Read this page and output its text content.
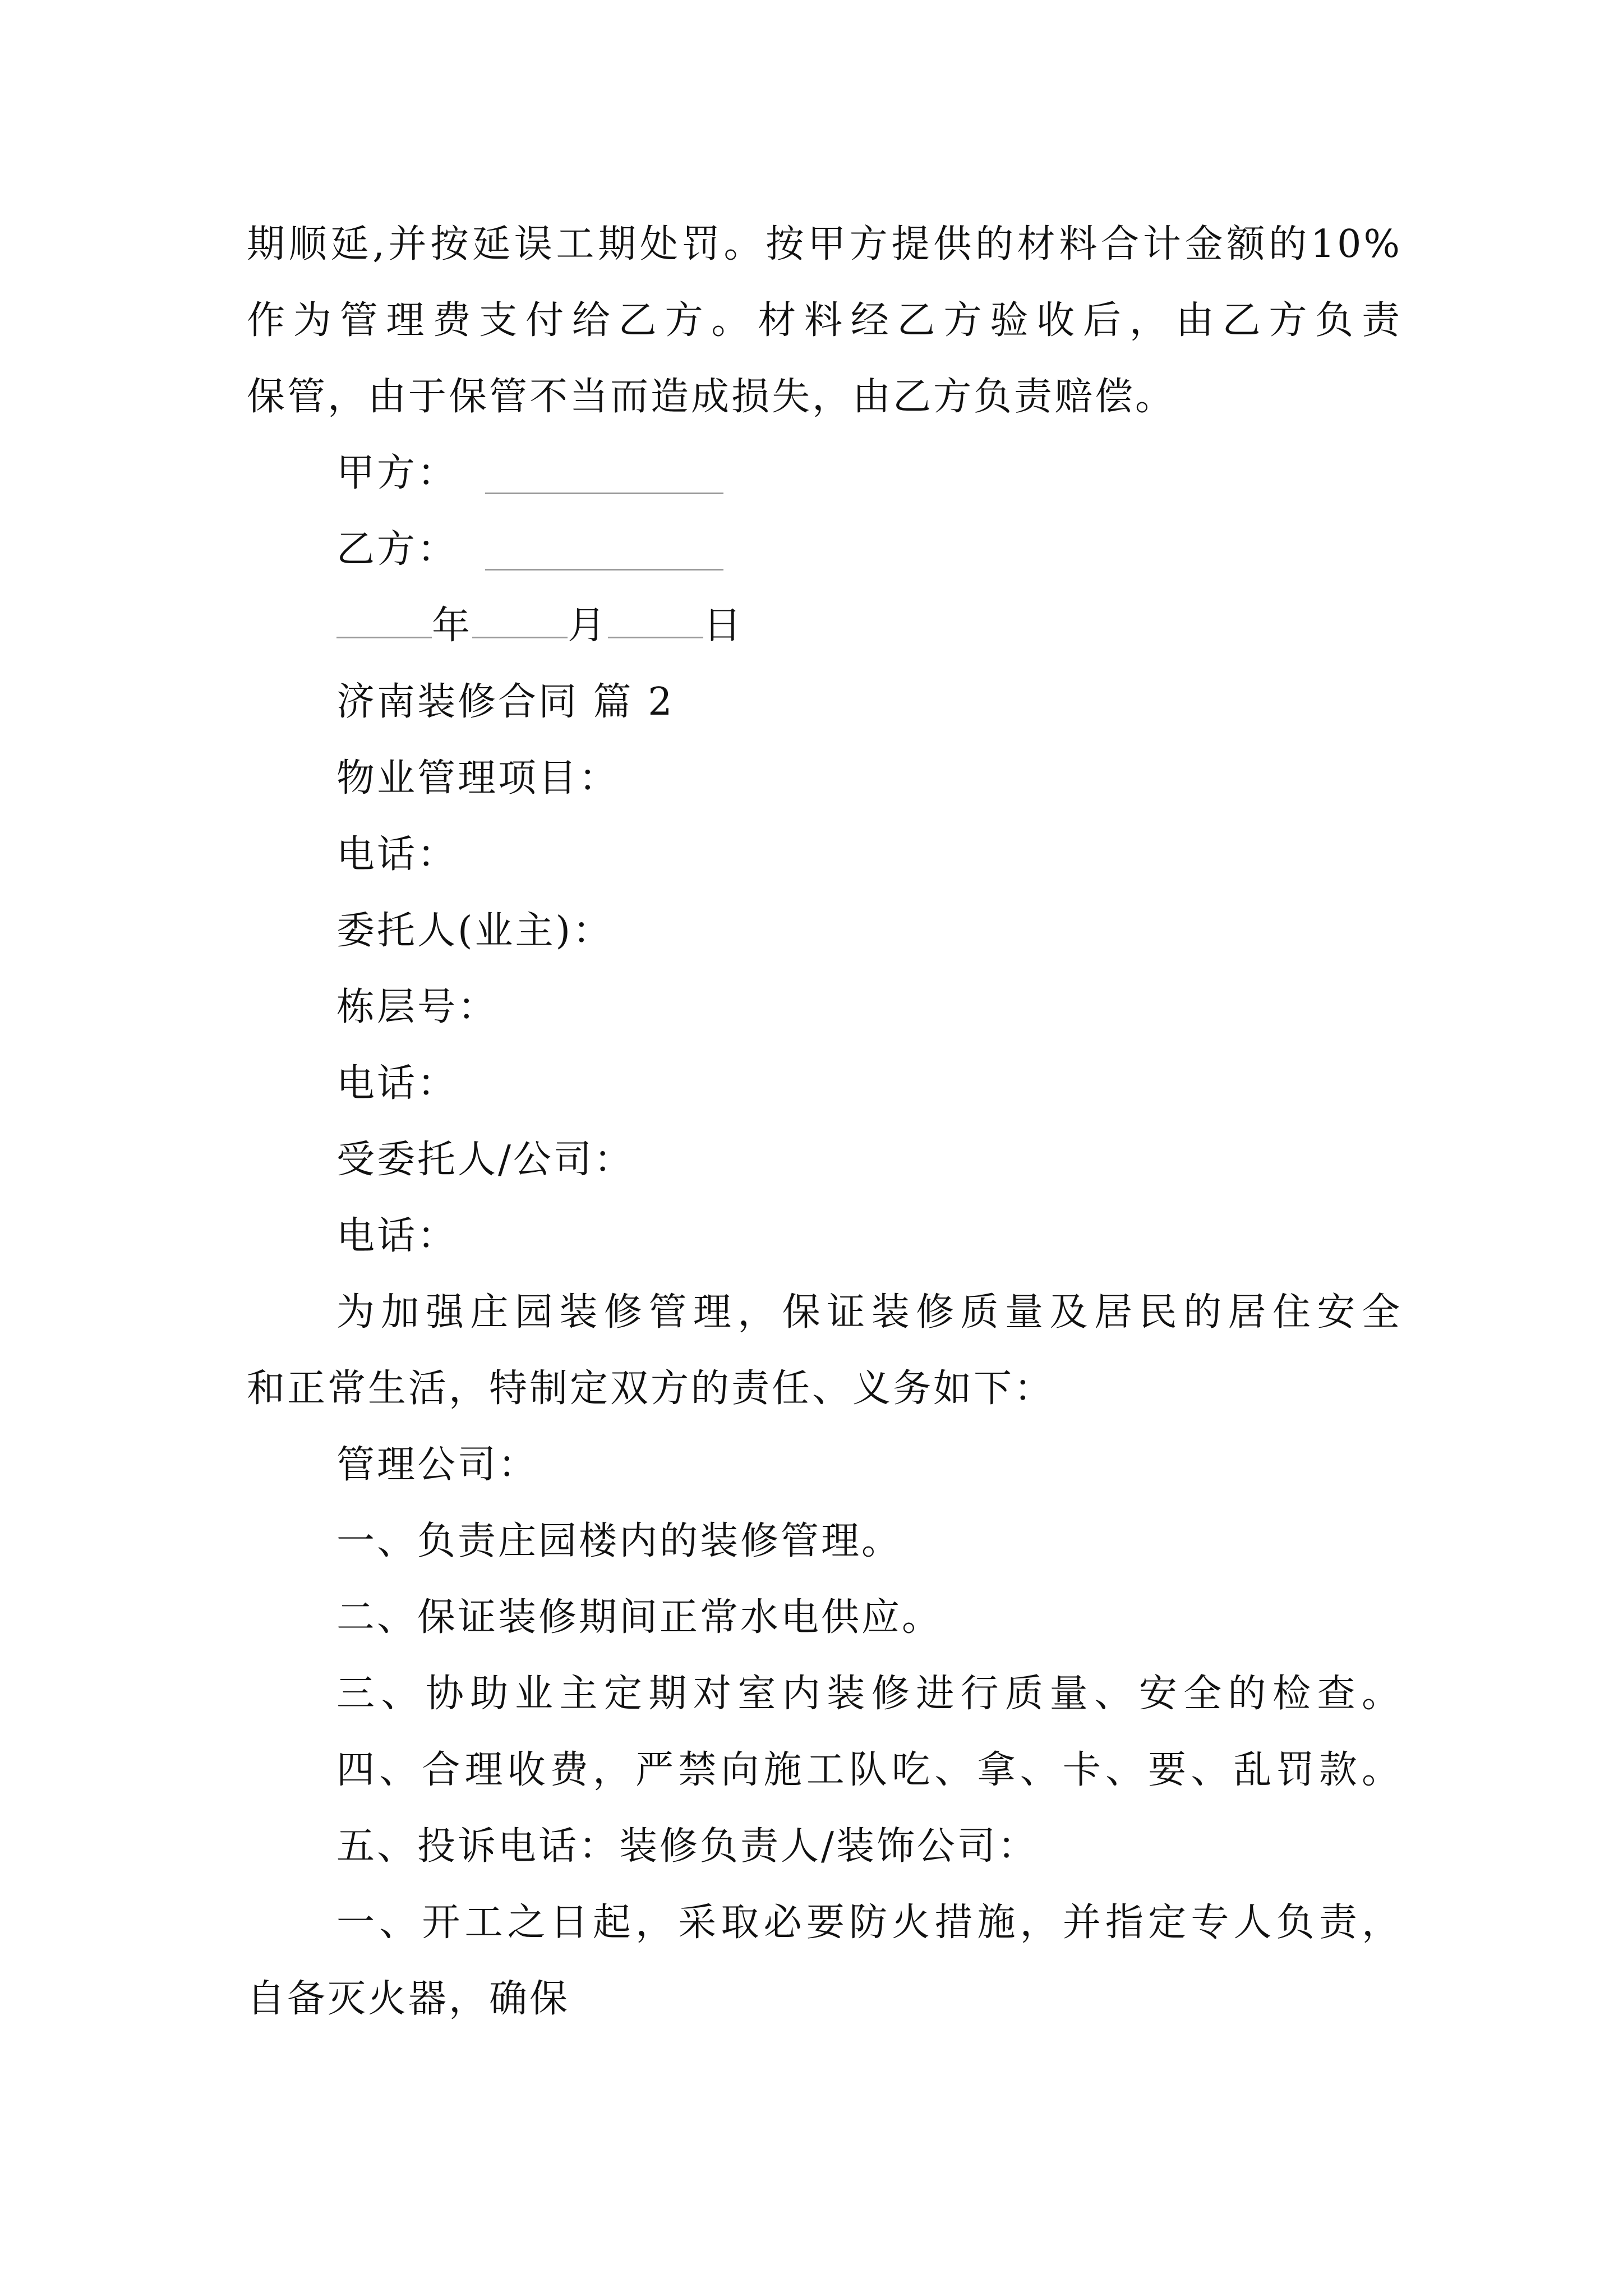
期顺延,并按延误工期处罚。按甲方提供的材料合计金额的10%
作为管理费支付给乙方。材料经乙方验收后，由乙方负责
保管，由于保管不当而造成损失，由乙方负责赔偿。
甲方：
乙方：
年	月	日
济南装修合同 篇 2
物业管理项目：
电话：
委托人(业主)：
栋层号：
电话：
受委托人/公司：
电话：
为加强庄园装修管理，保证装修质量及居民的居住安全
和正常生活，特制定双方的责任、义务如下：
管理公司：
一、负责庄园楼内的装修管理。
二、保证装修期间正常水电供应。
三、协助业主定期对室内装修进行质量、安全的检查。
四、合理收费，严禁向施工队吃、拿、卡、要、乱罚款。
五、投诉电话：装修负责人/装饰公司：
一、开工之日起，采取必要防火措施，并指定专人负责，
自备灭火器，确保
